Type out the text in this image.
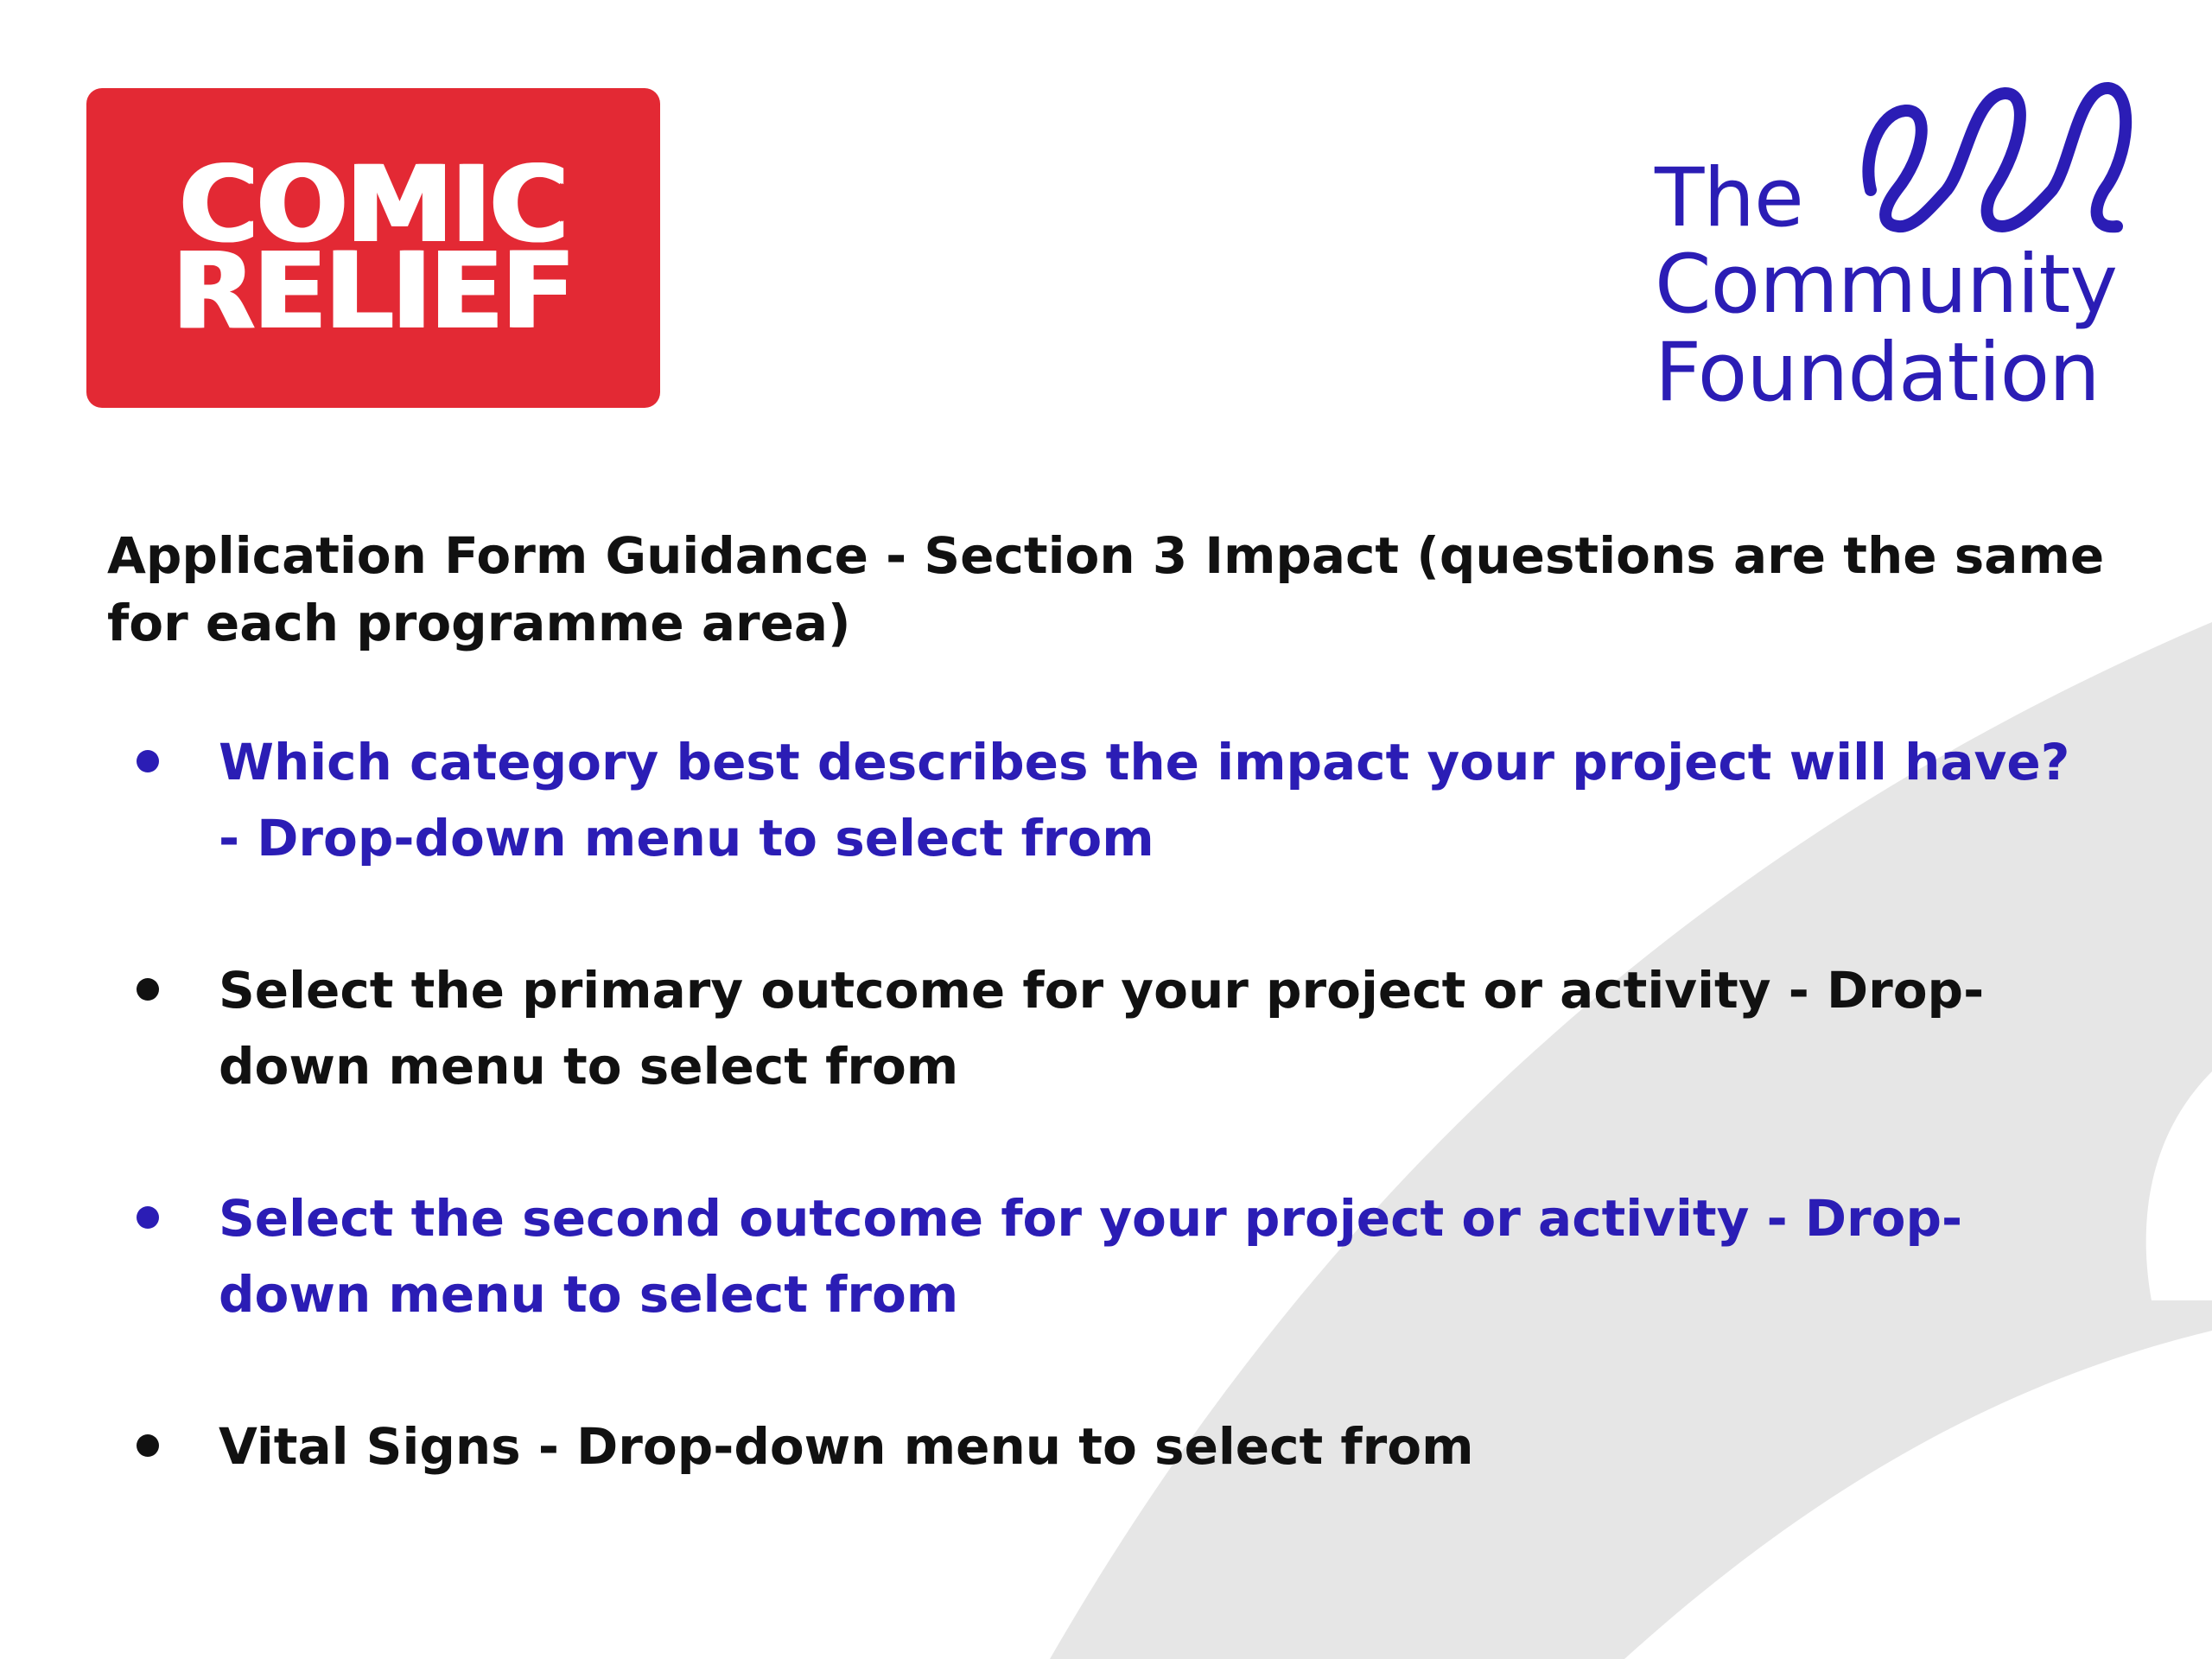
COMIC
RELIEF
The
Community
Foundation
Application Form Guidance - Section 3 Impact (questions are the same for each programme area)
Which category best describes the impact your project will have? - Drop-down menu to select from
Select the primary outcome for your project or activity - Drop-down menu to select from
Select the second outcome for your project or activity - Drop-down menu to select from
Vital Signs - Drop-down menu to select from
